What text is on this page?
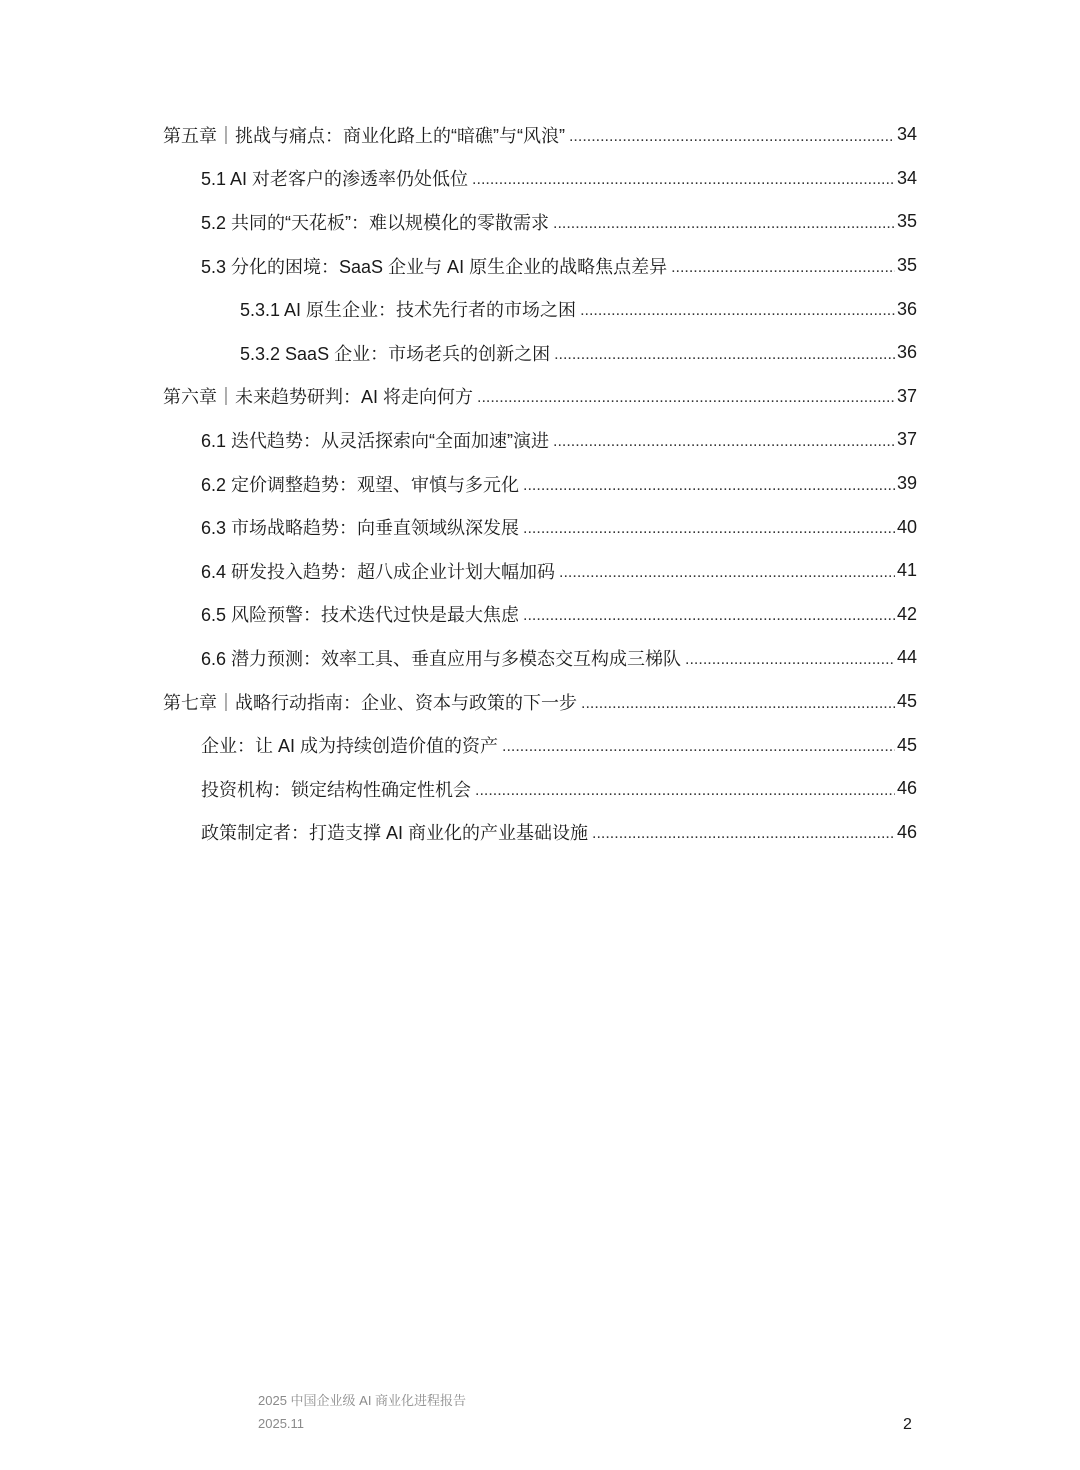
第五章｜挑战与痛点：商业化路上的“暗礁”与“风浪” .....	34
5.1 AI 对老客户的渗透率仍处低位 .....	34
5.2 共同的“天花板”：难以规模化的零散需求 .....	35
5.3 分化的困境：SaaS 企业与 AI 原生企业的战略焦点差异 .....	35
5.3.1 AI 原生企业：技术先行者的市场之困 .....	36
5.3.2 SaaS 企业：市场老兵的创新之困 .....	36
第六章｜未来趋势研判：AI 将走向何方 .....	37
6.1 迭代趋势：从灵活探索向“全面加速”演进 .....	37
6.2 定价调整趋势：观望、审慎与多元化 .....	39
6.3 市场战略趋势：向垂直领域纵深发展 .....	40
6.4 研发投入趋势：超八成企业计划大幅加码 .....	41
6.5 风险预警：技术迭代过快是最大焦虑 .....	42
6.6 潜力预测：效率工具、垂直应用与多模态交互构成三梯队 .....	44
第七章｜战略行动指南：企业、资本与政策的下一步 .....	45
企业：让 AI 成为持续创造价值的资产 .....	45
投资机构：锁定结构性确定性机会 .....	46
政策制定者：打造支撑 AI 商业化的产业基础设施 .....	46
2025 中国企业级 AI 商业化进程报告
2025.11	2
